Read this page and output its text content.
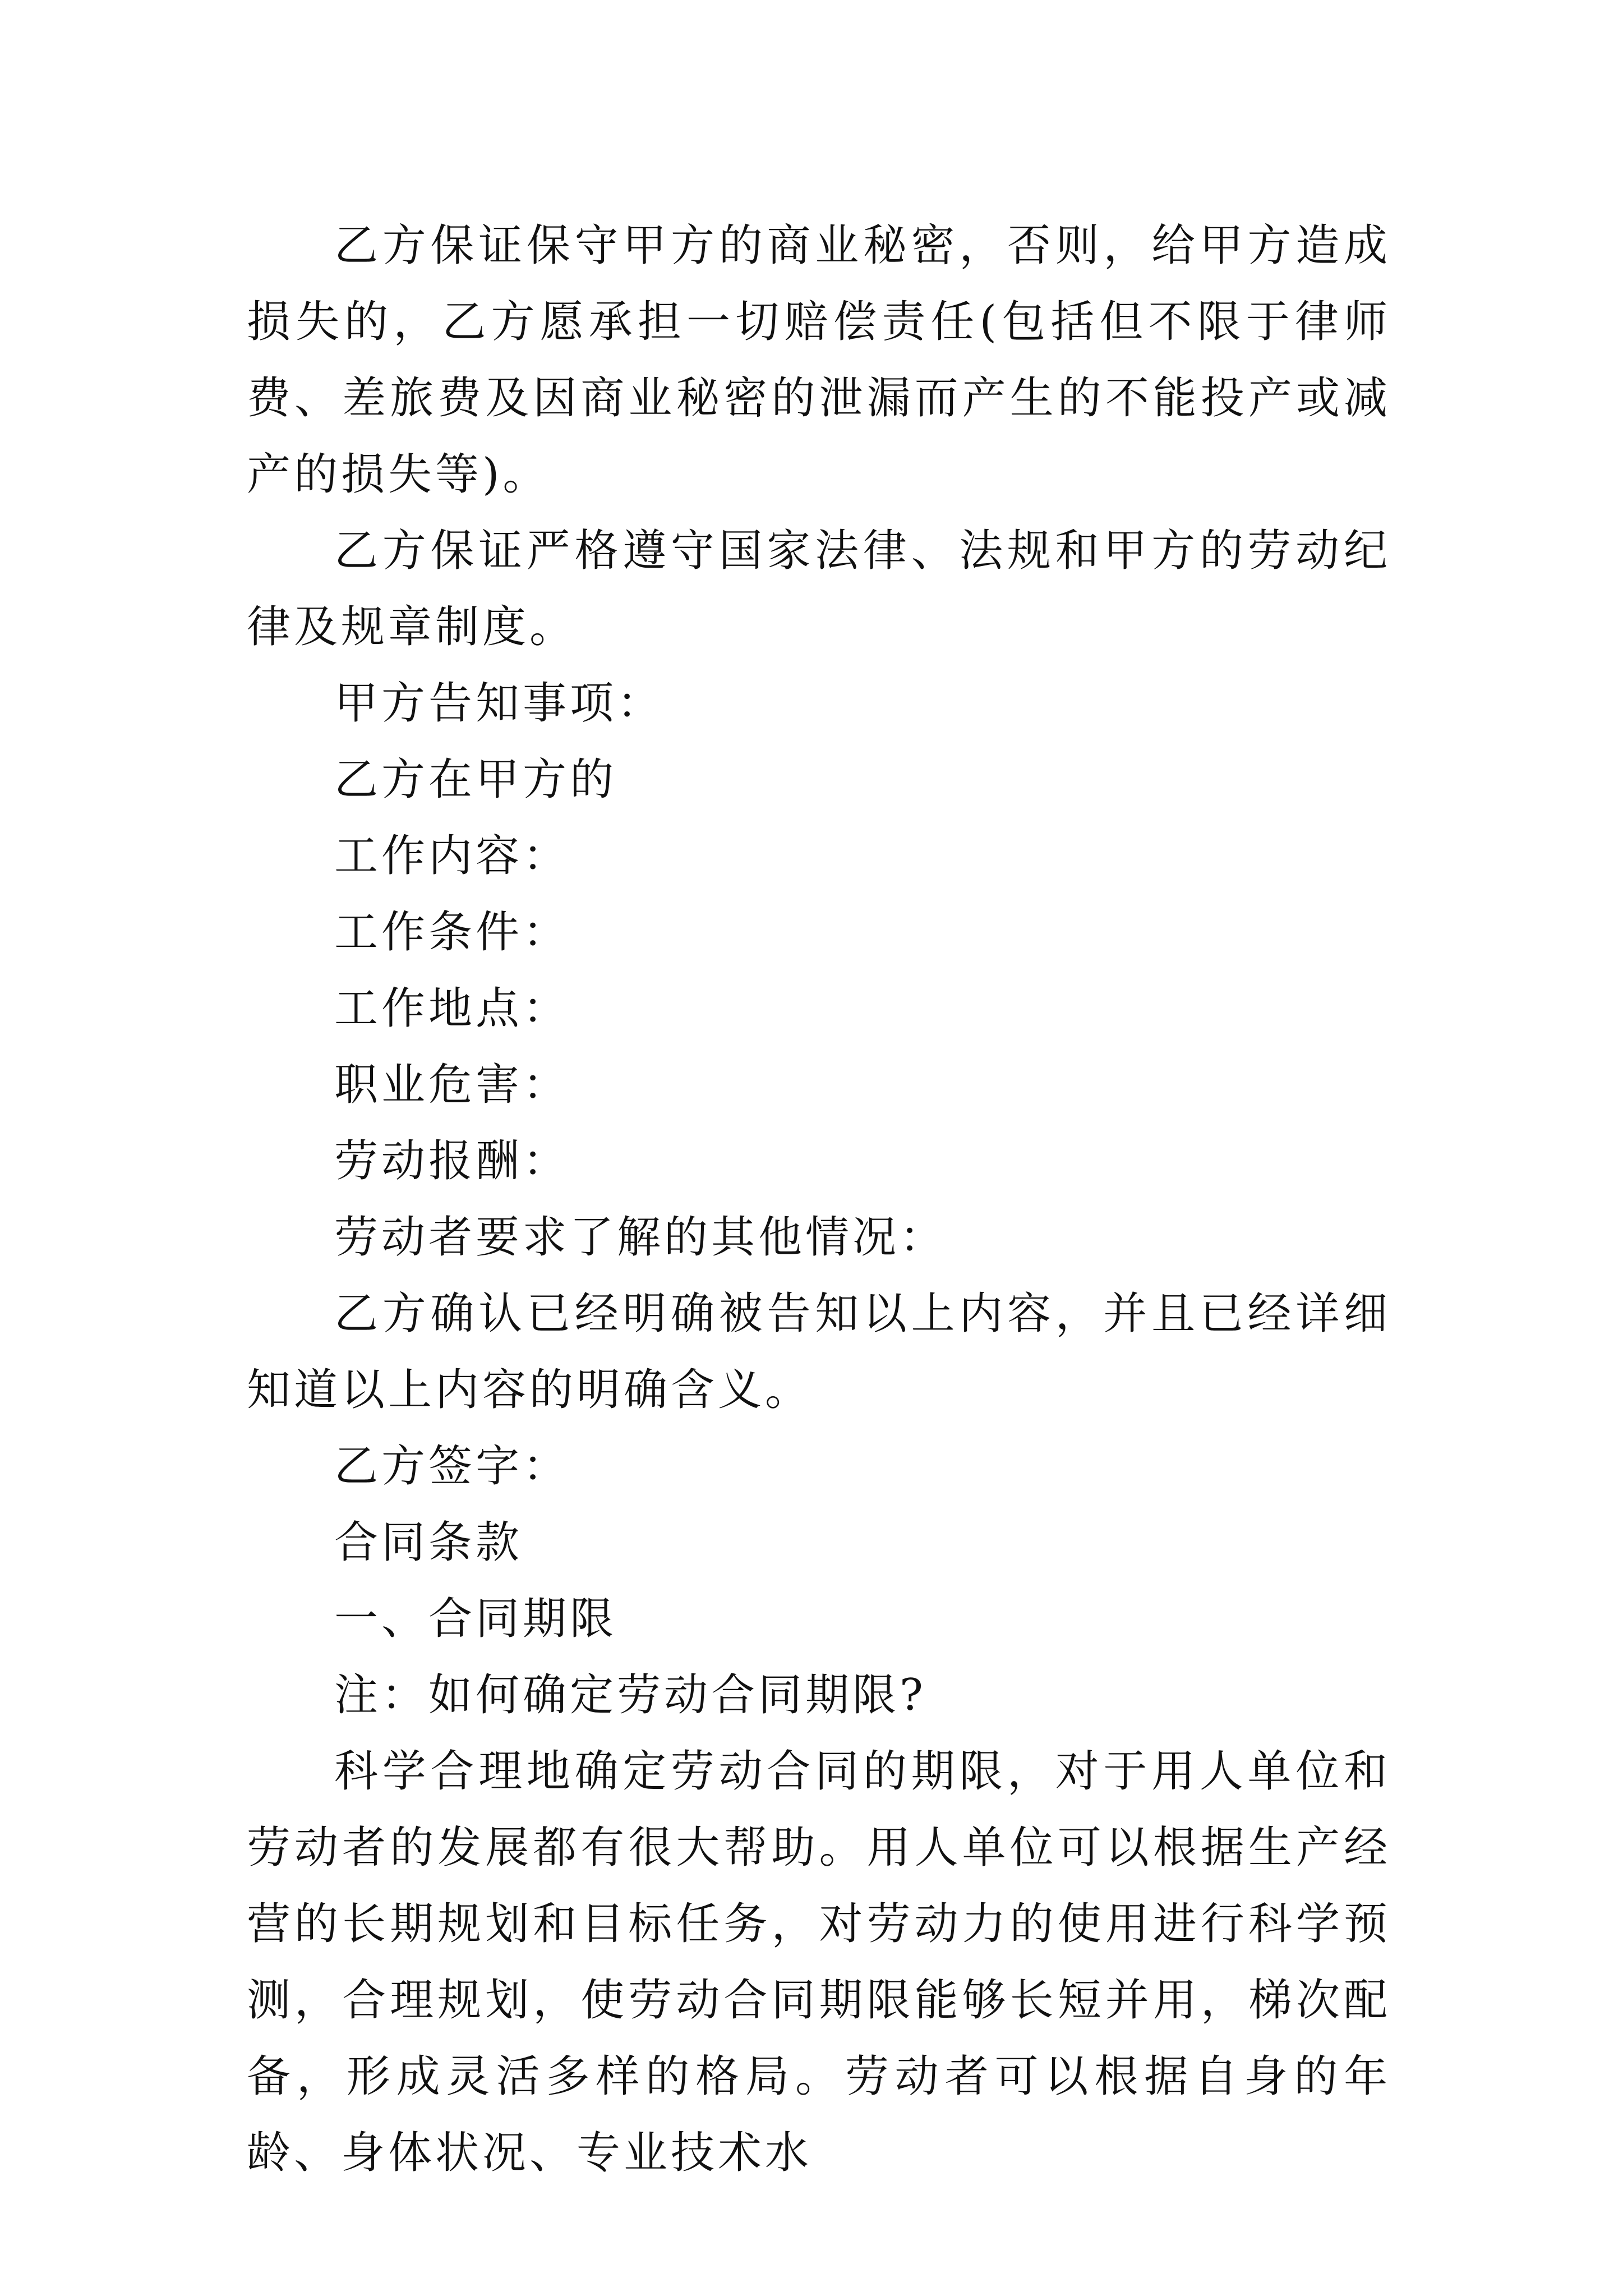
乙方保证保守甲方的商业秘密，否则，给甲方造成损失的，乙方愿承担一切赔偿责任(包括但不限于律师费、差旅费及因商业秘密的泄漏而产生的不能投产或减产的损失等)。

乙方保证严格遵守国家法律、法规和甲方的劳动纪律及规章制度。

甲方告知事项：

乙方在甲方的

工作内容：

工作条件：

工作地点：

职业危害：

劳动报酬：

劳动者要求了解的其他情况：

乙方确认已经明确被告知以上内容，并且已经详细知道以上内容的明确含义。

乙方签字：

合同条款

一、合同期限

注：如何确定劳动合同期限?

科学合理地确定劳动合同的期限，对于用人单位和劳动者的发展都有很大帮助。用人单位可以根据生产经营的长期规划和目标任务，对劳动力的使用进行科学预测，合理规划，使劳动合同期限能够长短并用，梯次配备，形成灵活多样的格局。劳动者可以根据自身的年龄、身体状况、专业技术水
